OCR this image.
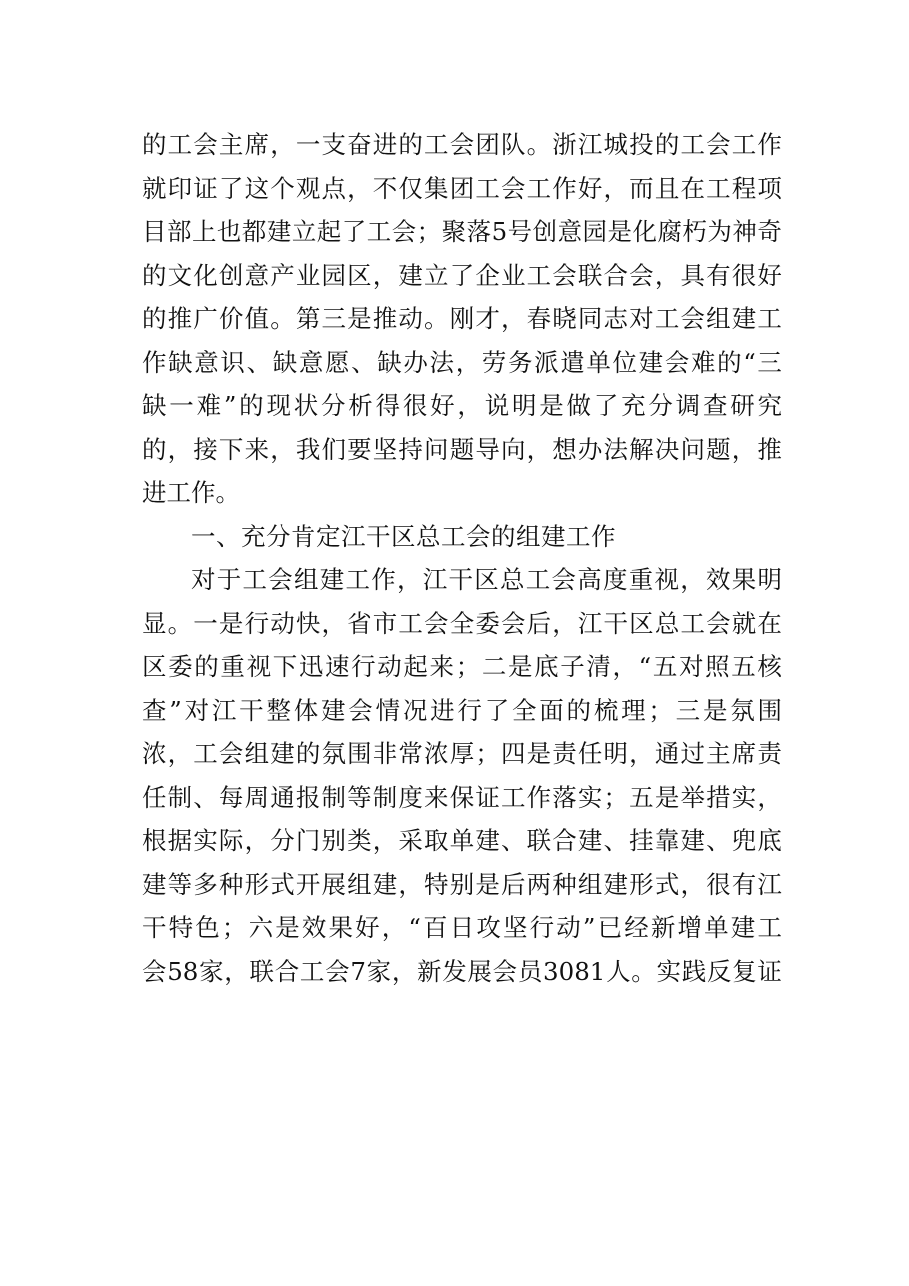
的 工 会 主 席 ， 一 支 奋 进 的 工 会 团 队 。 浙 江 城 投 的 工 会 工 作
就 印 证 了 这 个 观 点 ， 不 仅 集 团 工 会 工 作 好 ， 而 且 在 工 程 项
目 部 上 也 都 建 立 起 了 工 会 ； 聚 落 5 号 创 意 园 是 化 腐 朽 为 神 奇
的 文 化 创 意 产 业 园 区 ， 建 立 了 企 业 工 会 联 合 会 ， 具 有 很 好
的 推 广 价 值 。 第 三 是 推 动 。 刚 才 ， 春 晓 同 志 对 工 会 组 建 工
作 缺 意 识 、 缺 意 愿 、 缺 办 法 ， 劳 务 派 遣 单 位 建 会 难 的 “ 三
缺 一 难 ” 的 现 状 分 析 得 很 好 ， 说 明 是 做 了 充 分 调 查 研 究
的 ， 接 下 来 ， 我 们 要 坚 持 问 题 导 向 ， 想 办 法 解 决 问 题 ， 推
进工作。
一、充分肯定江干区总工会的组建工作
对 于 工 会 组 建 工 作 ， 江 干 区 总 工 会 高 度 重 视 ， 效 果 明
显 。 一 是 行 动 快 ， 省 市 工 会 全 委 会 后 ， 江 干 区 总 工 会 就 在
区 委 的 重 视 下 迅 速 行 动 起 来 ； 二 是 底 子 清 ， “ 五 对 照 五 核
查 ” 对 江 干 整 体 建 会 情 况 进 行 了 全 面 的 梳 理 ； 三 是 氛 围
浓 ， 工 会 组 建 的 氛 围 非 常 浓 厚 ； 四 是 责 任 明 ， 通 过 主 席 责
任 制 、 每 周 通 报 制 等 制 度 来 保 证 工 作 落 实 ； 五 是 举 措 实 ，
根 据 实 际 ， 分 门 别 类 ， 采 取 单 建 、 联 合 建 、 挂 靠 建 、 兜 底
建 等 多 种 形 式 开 展 组 建 ， 特 别 是 后 两 种 组 建 形 式 ， 很 有 江
干 特 色 ； 六 是 效 果 好 ， “ 百 日 攻 坚 行 动 ” 已 经 新 增 单 建 工
会 58 家 ， 联 合 工 会 7 家 ， 新 发 展 会 员 3081 人 。 实 践 反 复 证
